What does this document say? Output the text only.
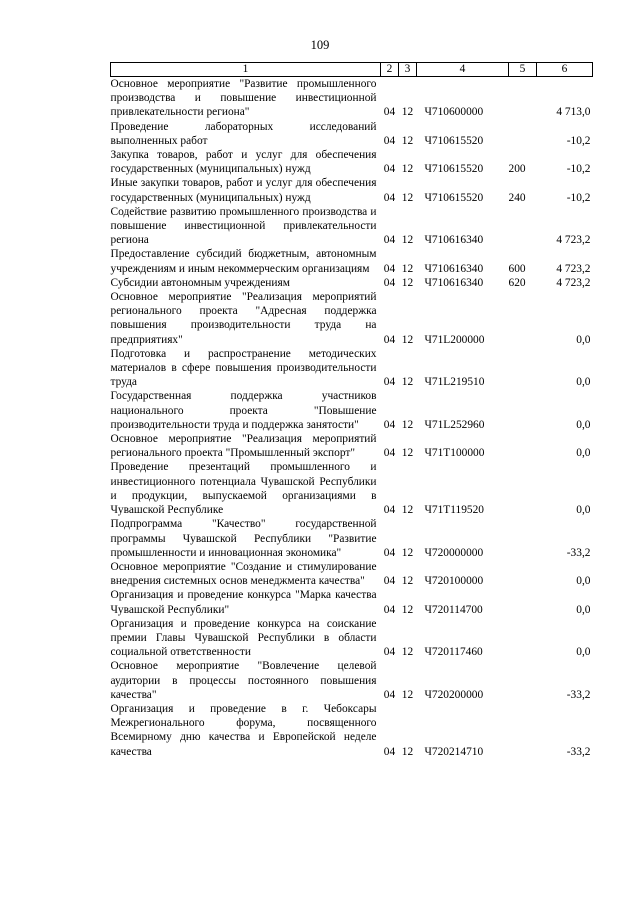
109
1	2	3	4	5	6
Основное мероприятие "Развитие промышленного производства и повышение инвестиционной привлекательности региона"	04	12	Ч710600000		4 713,0
Проведение лабораторных исследований выполненных работ	04	12	Ч710615520		-10,2
Закупка товаров, работ и услуг для обеспечения государственных (муниципальных) нужд	04	12	Ч710615520	200	-10,2
Иные закупки товаров, работ и услуг для обеспечения государственных (муниципальных) нужд	04	12	Ч710615520	240	-10,2
Содействие развитию промышленного производства и повышение инвестиционной привлекательности региона	04	12	Ч710616340		4 723,2
Предоставление субсидий бюджетным, автономным учреждениям и иным некоммерческим организациям	04	12	Ч710616340	600	4 723,2
Субсидии автономным учреждениям	04	12	Ч710616340	620	4 723,2
Основное мероприятие "Реализация мероприятий регионального проекта "Адресная поддержка повышения производительности труда на предприятиях"	04	12	Ч71L200000		0,0
Подготовка и распространение методических материалов в сфере повышения производительности труда	04	12	Ч71L219510		0,0
Государственная поддержка участников национального проекта "Повышение производительности труда и поддержка занятости"	04	12	Ч71L252960		0,0
Основное мероприятие "Реализация мероприятий регионального проекта "Промышленный экспорт"	04	12	Ч71T100000		0,0
Проведение презентаций промышленного и инвестиционного потенциала Чувашской Республики и продукции, выпускаемой организациями в Чувашской Республике	04	12	Ч71T119520		0,0
Подпрограмма "Качество" государственной программы Чувашской Республики "Развитие промышленности и инновационная экономика"	04	12	Ч720000000		-33,2
Основное мероприятие "Создание и стимулирование внедрения системных основ менеджмента качества"	04	12	Ч720100000		0,0
Организация и проведение конкурса "Марка качества Чувашской Республики"	04	12	Ч720114700		0,0
Организация и проведение конкурса на соискание премии Главы Чувашской Республики в области социальной ответственности	04	12	Ч720117460		0,0
Основное мероприятие "Вовлечение целевой аудитории в процессы постоянного повышения качества"	04	12	Ч720200000		-33,2
Организация и проведение в г. Чебоксары Межрегионального форума, посвященного Всемирному дню качества и Европейской неделе качества	04	12	Ч720214710		-33,2
